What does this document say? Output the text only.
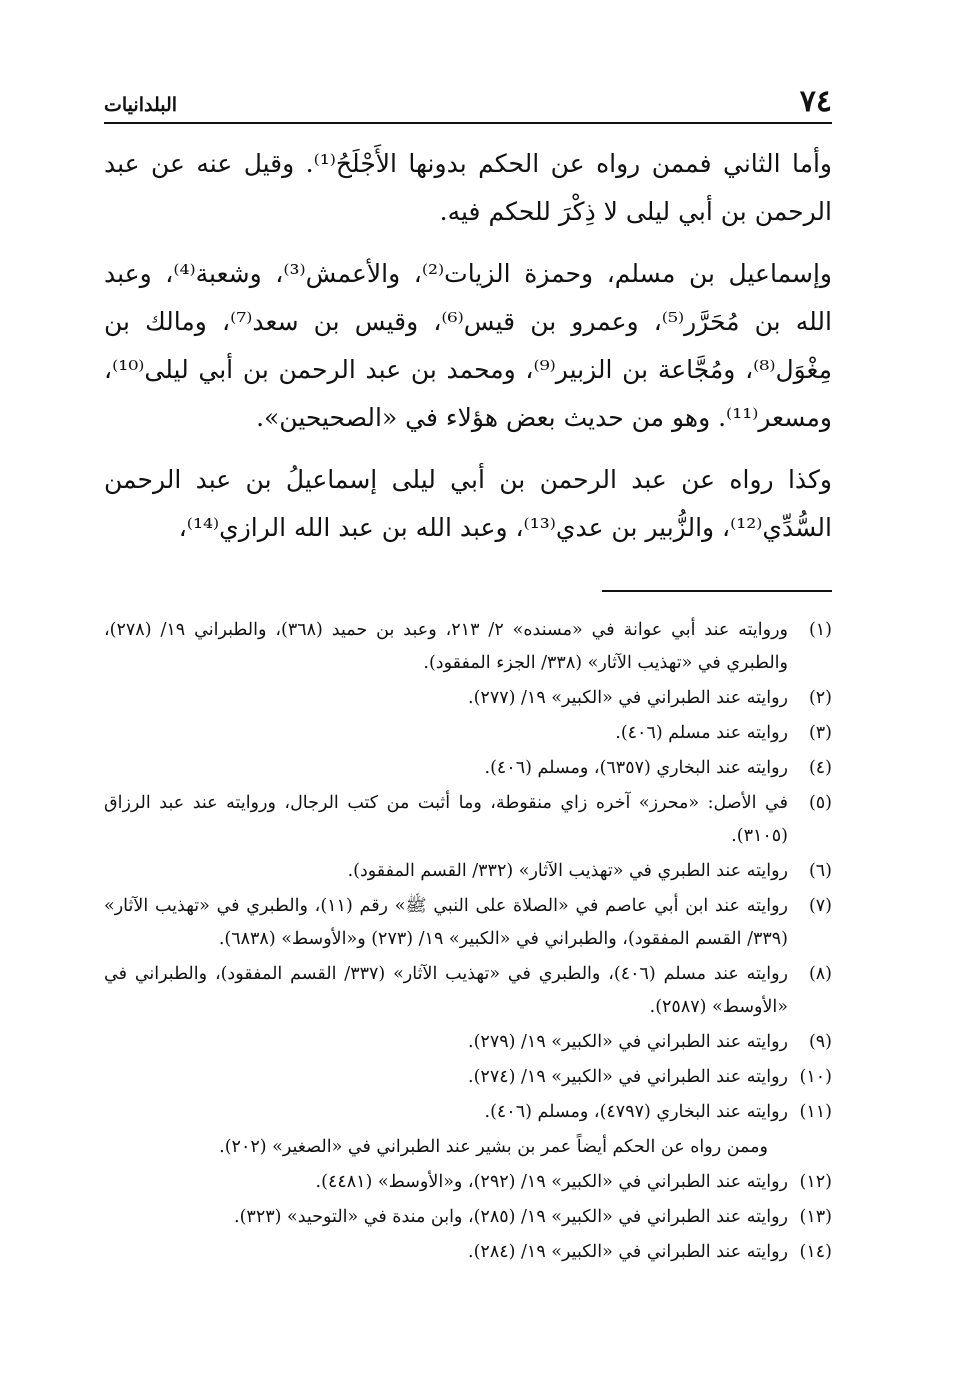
٧٤
البلدانيات

وأما الثاني فممن رواه عن الحكم بدونها الأَجْلَحُ⁽¹⁾. وقيل عنه عن عبد الرحمن بن أبي ليلى لا ذِكْرَ للحكم فيه.

وإسماعيل بن مسلم، وحمزة الزيات⁽²⁾، والأعمش⁽³⁾، وشعبة⁽⁴⁾، وعبد الله بن مُحَرَّر⁽⁵⁾، وعمرو بن قيس⁽⁶⁾، وقيس بن سعد⁽⁷⁾، ومالك بن مِغْوَل⁽⁸⁾، ومُجَّاعة بن الزبير⁽⁹⁾، ومحمد بن عبد الرحمن بن أبي ليلى⁽¹⁰⁾، ومسعر⁽¹¹⁾. وهو من حديث بعض هؤلاء في «الصحيحين».

وكذا رواه عن عبد الرحمن بن أبي ليلى إسماعيلُ بن عبد الرحمن السُّدِّي⁽¹²⁾، والزُّبير بن عدي⁽¹³⁾، وعبد الله بن عبد الله الرازي⁽¹⁴⁾،

(١)
وروايته عند أبي عوانة في «مسنده» ٢/ ٢١٣، وعبد بن حميد (٣٦٨)، والطبراني ١٩/ (٢٧٨)، والطبري في «تهذيب الآثار» (٣٣٨/ الجزء المفقود).
(٢)
روايته عند الطبراني في «الكبير» ١٩/ (٢٧٧).
(٣)
روايته عند مسلم (٤٠٦).
(٤)
روايته عند البخاري (٦٣٥٧)، ومسلم (٤٠٦).
(٥)
في الأصل: «محرز» آخره زاي منقوطة، وما أثبت من كتب الرجال، وروايته عند عبد الرزاق (٣١٠٥).
(٦)
روايته عند الطبري في «تهذيب الآثار» (٣٣٢/ القسم المفقود).
(٧)
روايته عند ابن أبي عاصم في «الصلاة على النبي ﷺ» رقم (١١)، والطبري في «تهذيب الآثار» (٣٣٩/ القسم المفقود)، والطبراني في «الكبير» ١٩/ (٢٧٣) و«الأوسط» (٦٨٣٨).
(٨)
روايته عند مسلم (٤٠٦)، والطبري في «تهذيب الآثار» (٣٣٧/ القسم المفقود)، والطبراني في «الأوسط» (٢٥٨٧).
(٩)
روايته عند الطبراني في «الكبير» ١٩/ (٢٧٩).
(١٠)
روايته عند الطبراني في «الكبير» ١٩/ (٢٧٤).
(١١)
روايته عند البخاري (٤٧٩٧)، ومسلم (٤٠٦).
وممن رواه عن الحكم أيضاً عمر بن بشير عند الطبراني في «الصغير» (٢٠٢).
(١٢)
روايته عند الطبراني في «الكبير» ١٩/ (٢٩٢)، و«الأوسط» (٤٤٨١).
(١٣)
روايته عند الطبراني في «الكبير» ١٩/ (٢٨٥)، وابن مندة في «التوحيد» (٣٢٣).
(١٤)
روايته عند الطبراني في «الكبير» ١٩/ (٢٨٤).
